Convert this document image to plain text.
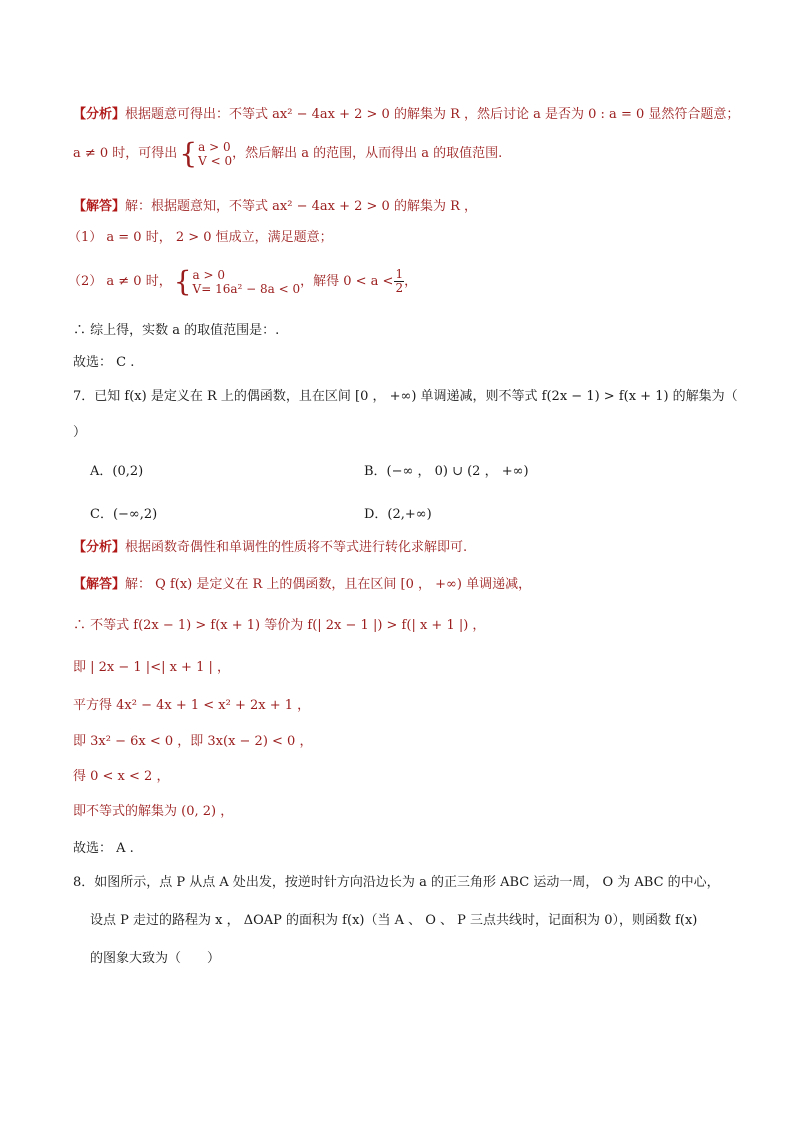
【分析】根据题意可得出：不等式 ax² − 4ax + 2 > 0 的解集为 R ，然后讨论 a 是否为 0 : a = 0 显然符合题意；
a ≠ 0 时，可得出{ a > 0
V < 0 ，然后解出 a 的范围，从而得出 a 的取值范围.
【解答】解：根据题意知，不等式 ax² − 4ax + 2 > 0 的解集为 R ，
（1） a = 0 时， 2 > 0 恒成立，满足题意；
（2） a ≠ 0 时，{ a > 0
V= 16a² − 8a < 0 ，解得 $0 < a < \frac{1}{2}$ ，
∴ 综上得，实数 a 的取值范围是：.
故选： C .
7．已知 f(x) 是定义在 R 上的偶函数，且在区间 [0 ， +∞) 单调递减，则不等式 f(2x − 1) > f(x + 1) 的解集为（
）
A．(0,2)	B．(−∞ ， 0) ∪ (2 ， +∞)
C．(−∞,2)	D．(2,+∞)
【分析】根据函数奇偶性和单调性的性质将不等式进行转化求解即可.
【解答】解： Q f(x) 是定义在 R 上的偶函数，且在区间 [0 ， +∞) 单调递减，
∴ 不等式 f(2x − 1) > f(x + 1) 等价为 f(| 2x − 1 |) > f(| x + 1 |) ，
即 | 2x − 1 |<| x + 1 | ，
平方得 4x² − 4x + 1 < x² + 2x + 1 ，
即 3x² − 6x < 0 ，即 3x(x − 2) < 0 ，
得 0 < x < 2 ，
即不等式的解集为 (0, 2) ，
故选： A .
8．如图所示，点 P 从点 A 处出发，按逆时针方向沿边长为 a 的正三角形 ABC 运动一周， O 为 ABC 的中心，
设点 P 走过的路程为 x ， ΔOAP 的面积为 f(x)（当 A 、 O 、 P 三点共线时，记面积为 0），则函数 f(x)
的图象大致为（　　）
